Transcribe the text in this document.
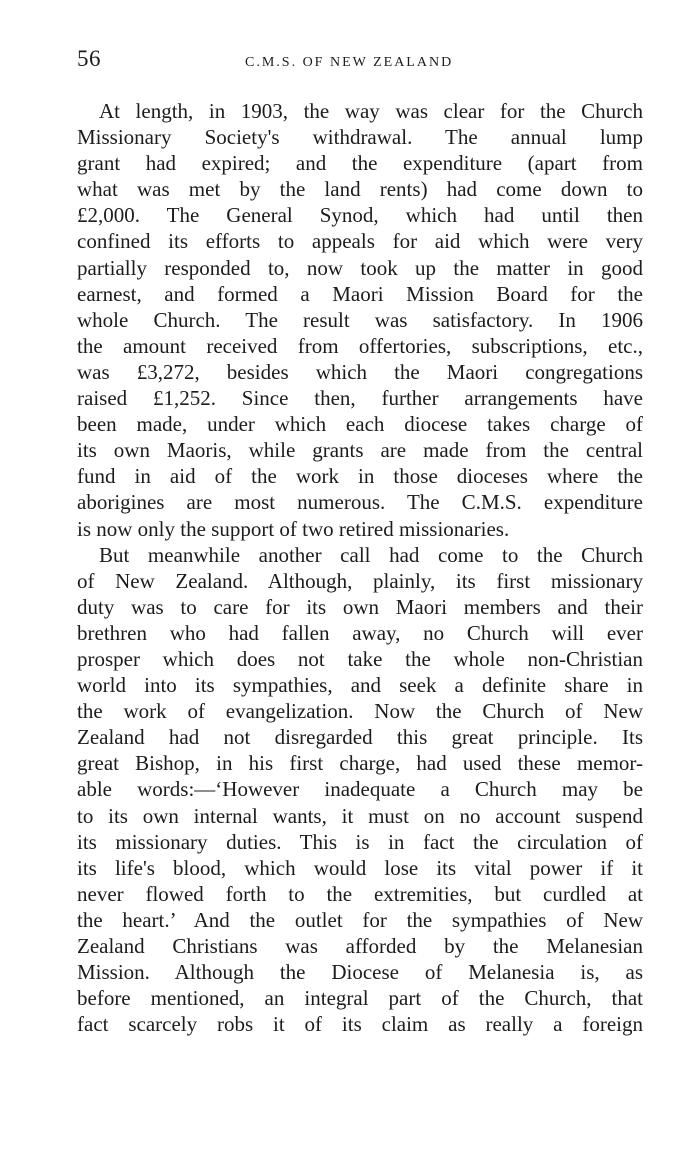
56	C.M.S. OF NEW ZEALAND
At length, in 1903, the way was clear for the Church
Missionary Society's withdrawal. The annual lump
grant had expired; and the expenditure (apart from
what was met by the land rents) had come down to
£2,000. The General Synod, which had until then
confined its efforts to appeals for aid which were very
partially responded to, now took up the matter in good
earnest, and formed a Maori Mission Board for the
whole Church. The result was satisfactory. In 1906
the amount received from offertories, subscriptions, etc.,
was £3,272, besides which the Maori congregations
raised £1,252. Since then, further arrangements have
been made, under which each diocese takes charge of
its own Maoris, while grants are made from the central
fund in aid of the work in those dioceses where the
aborigines are most numerous. The C.M.S. expenditure
is now only the support of two retired missionaries.
But meanwhile another call had come to the Church
of New Zealand. Although, plainly, its first missionary
duty was to care for its own Maori members and their
brethren who had fallen away, no Church will ever
prosper which does not take the whole non-Christian
world into its sympathies, and seek a definite share in
the work of evangelization. Now the Church of New
Zealand had not disregarded this great principle. Its
great Bishop, in his first charge, had used these memor-
able words:—‘However inadequate a Church may be
to its own internal wants, it must on no account suspend
its missionary duties. This is in fact the circulation of
its life's blood, which would lose its vital power if it
never flowed forth to the extremities, but curdled at
the heart.’ And the outlet for the sympathies of New
Zealand Christians was afforded by the Melanesian
Mission. Although the Diocese of Melanesia is, as
before mentioned, an integral part of the Church, that
fact scarcely robs it of its claim as really a foreign
